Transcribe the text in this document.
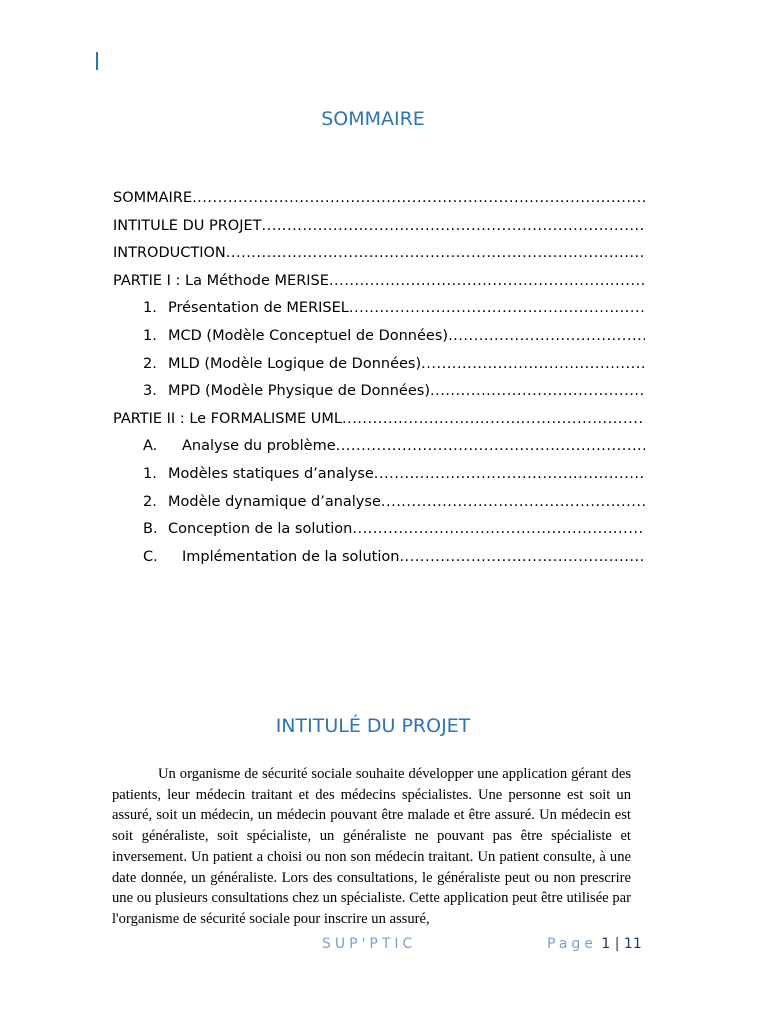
SOMMAIRE
SOMMAIRE
.....
INTITULÉ DU PROJET
.....
INTRODUCTION
.....
PARTIE I : La Méthode MERISE
.....
1. Présentation de MERISEL
.....
1. MCD (Modèle Conceptuel de Données)
.....
2. MLD (Modèle Logique de Données)
.....
3. MPD (Modèle Physique de Données)
.....
PARTIE II : Le FORMALISME UML
.....
A.	Analyse du problème
.....
1. Modèles statiques d’analyse
.....
2. Modèle dynamique d’analyse
.....
B. Conception de la solution
.....
C.	Implémentation de la solution
.....
INTITULÉ DU PROJET

Un organisme de sécurité sociale souhaite développer une application gérant des patients, leur médecin traitant et des médecins spécialistes. Une personne est soit un assuré, soit un médecin, un médecin pouvant être malade et être assuré. Un médecin est soit généraliste, soit spécialiste, un généraliste ne pouvant pas être spécialiste et inversement. Un patient a choisi ou non son médecin traitant. Un patient consulte, à une date donnée, un généraliste. Lors des consultations, le généraliste peut ou non prescrire une ou plusieurs consultations chez un spécialiste. Cette application peut être utilisée par l'organisme de sécurité sociale pour inscrire un assuré,

SUP'PTIC	Page 1 | 11
